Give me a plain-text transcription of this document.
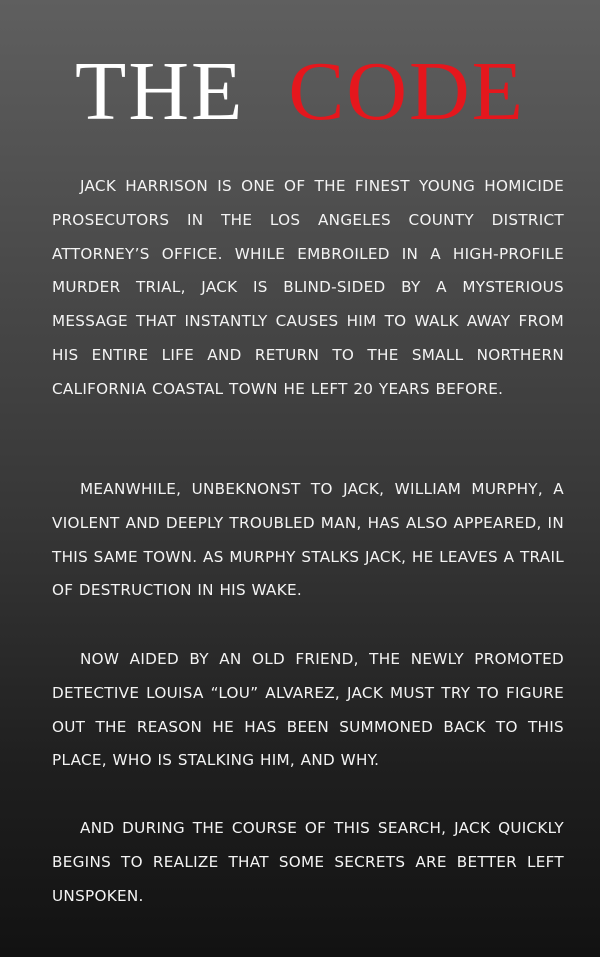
THE CODE

JACK HARRISON IS ONE OF THE FINEST YOUNG HOMICIDE PROSECUTORS IN THE LOS ANGELES COUNTY DISTRICT ATTORNEY’S OFFICE. WHILE EMBROILED IN A HIGH-PROFILE MURDER TRIAL, JACK IS BLIND-SIDED BY A MYSTERIOUS MESSAGE THAT INSTANTLY CAUSES HIM TO WALK AWAY FROM HIS ENTIRE LIFE AND RETURN TO THE SMALL NORTHERN CALIFORNIA COASTAL TOWN HE LEFT 20 YEARS BEFORE.

MEANWHILE, UNBEKNONST TO JACK, WILLIAM MURPHY, A VIOLENT AND DEEPLY TROUBLED MAN, HAS ALSO APPEARED, IN THIS SAME TOWN. AS MURPHY STALKS JACK, HE LEAVES A TRAIL OF DESTRUCTION IN HIS WAKE.

NOW AIDED BY AN OLD FRIEND, THE NEWLY PROMOTED DETECTIVE LOUISA “LOU” ALVAREZ, JACK MUST TRY TO FIGURE OUT THE REASON HE HAS BEEN SUMMONED BACK TO THIS PLACE, WHO IS STALKING HIM, AND WHY.

AND DURING THE COURSE OF THIS SEARCH, JACK QUICKLY BEGINS TO REALIZE THAT SOME SECRETS ARE BETTER LEFT UNSPOKEN.
